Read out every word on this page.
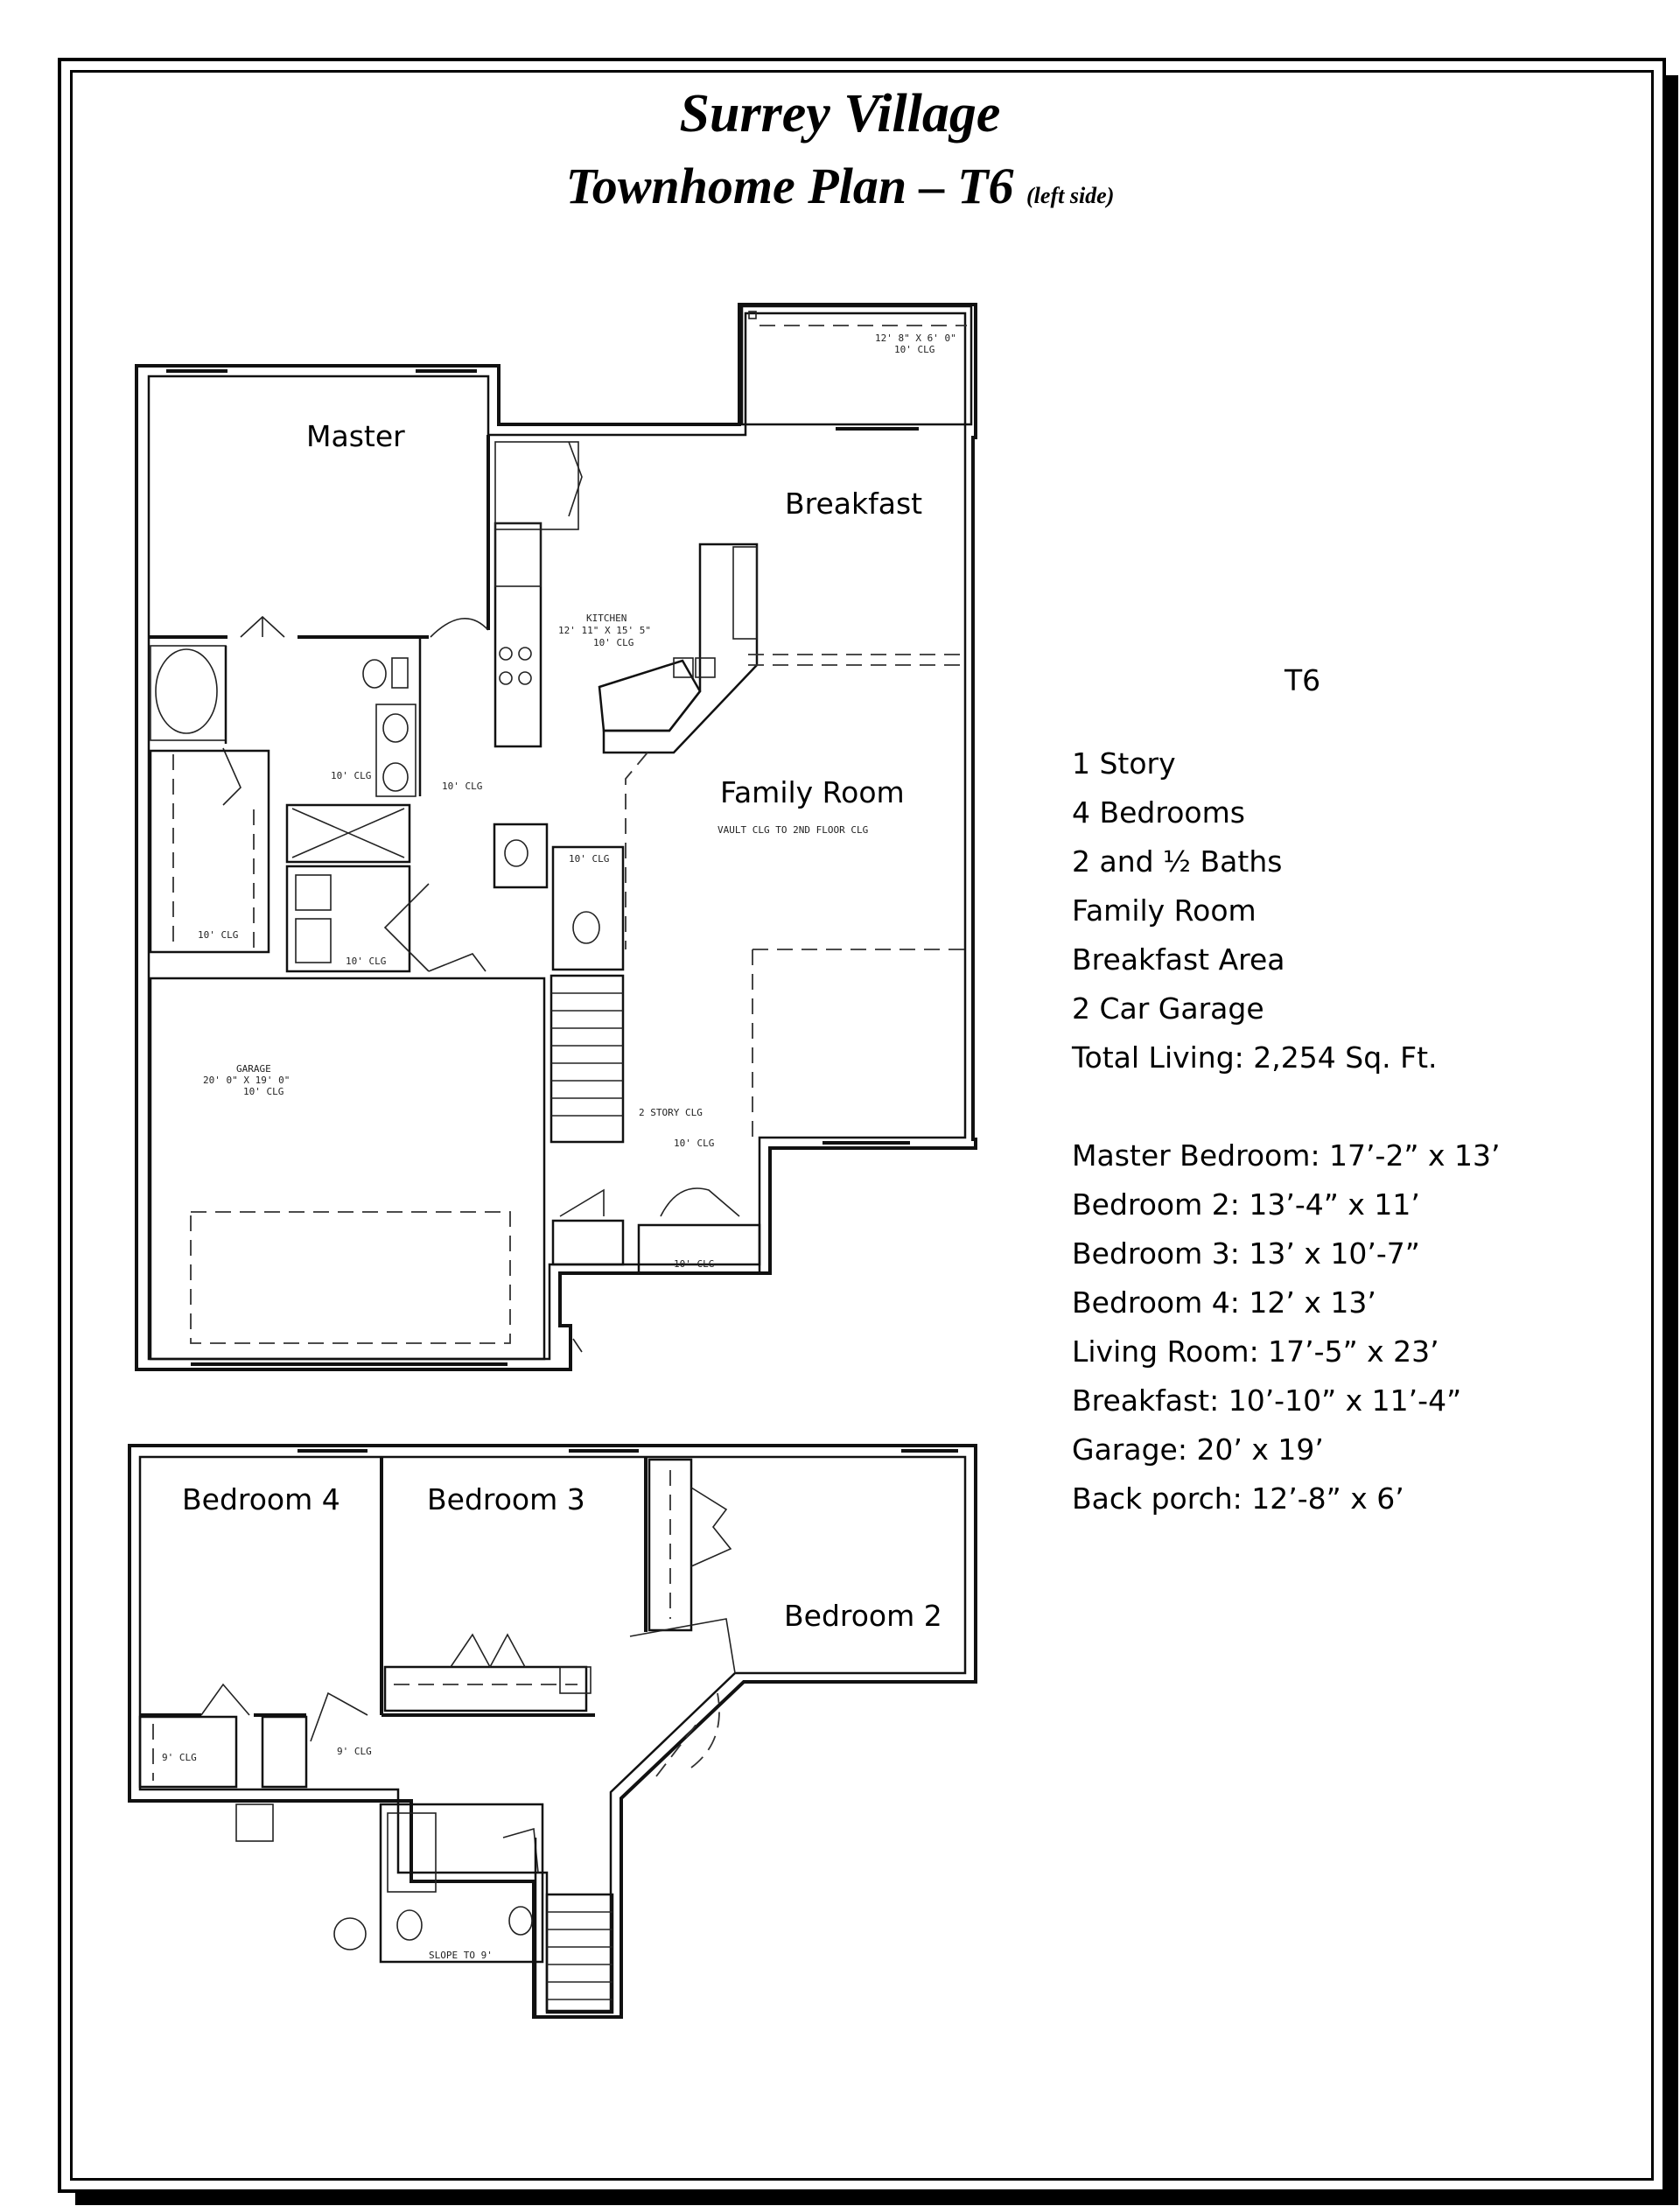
Surrey Village
Townhome Plan – T6 (left side)
12' 8" X 6' 0"
10' CLG
10' CLG
10' CLG
10' CLG
KITCHEN
12' 11" X 15' 5"
10' CLG
VAULT CLG TO 2ND FLOOR CLG
10' CLG
10' CLG
2 STORY CLG
10' CLG
10' CLG
GARAGE
20' 0" X 19' 0"
10' CLG
Master
Breakfast
Family Room
9' CLG
9' CLG
SLOPE TO 9'
Bedroom 4	Bedroom 3
Bedroom 2
T6
1 Story
4 Bedrooms
2 and ½ Baths
Family Room
Breakfast Area
2 Car Garage
Total Living: 2,254 Sq. Ft.
Master Bedroom: 17’-2” x 13’
Bedroom 2: 13’-4” x 11’
Bedroom 3: 13’ x 10’-7”
Bedroom 4: 12’ x 13’
Living Room: 17’-5” x 23’
Breakfast: 10’-10” x 11’-4”
Garage: 20’ x 19’
Back porch: 12’-8” x 6’
